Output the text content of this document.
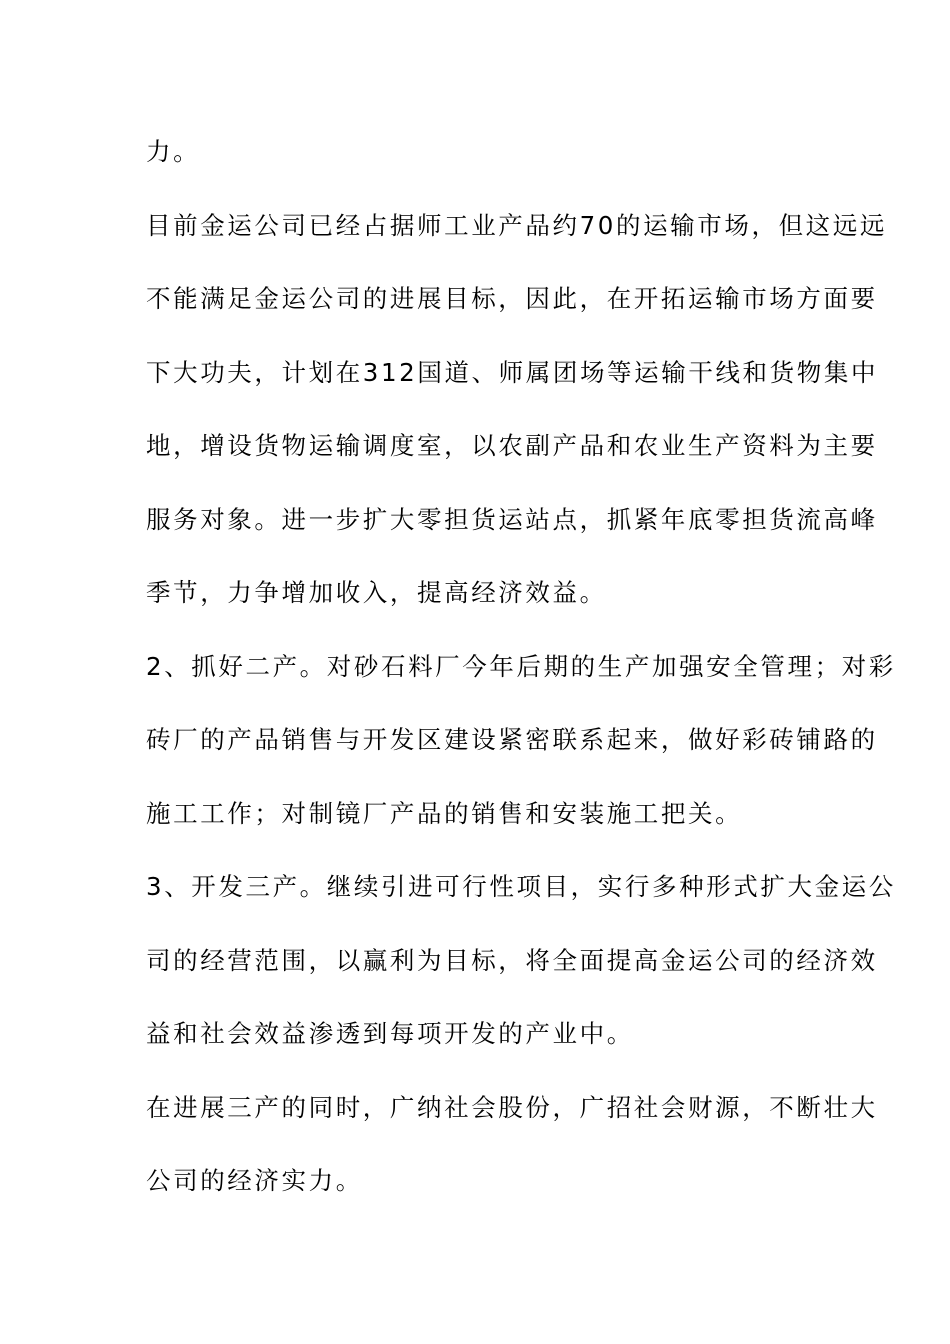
力。
目前金运公司已经占据师工业产品约70的运输市场，但这远远
不能满足金运公司的进展目标，因此，在开拓运输市场方面要
下大功夫，计划在312国道、师属团场等运输干线和货物集中
地，增设货物运输调度室，以农副产品和农业生产资料为主要
服务对象。进一步扩大零担货运站点，抓紧年底零担货流高峰
季节，力争增加收入，提高经济效益。
2、抓好二产。对砂石料厂今年后期的生产加强安全管理；对彩
砖厂的产品销售与开发区建设紧密联系起来，做好彩砖铺路的
施工工作；对制镜厂产品的销售和安装施工把关。
3、开发三产。继续引进可行性项目，实行多种形式扩大金运公
司的经营范围，以赢利为目标，将全面提高金运公司的经济效
益和社会效益渗透到每项开发的产业中。
在进展三产的同时，广纳社会股份，广招社会财源，不断壮大
公司的经济实力。
